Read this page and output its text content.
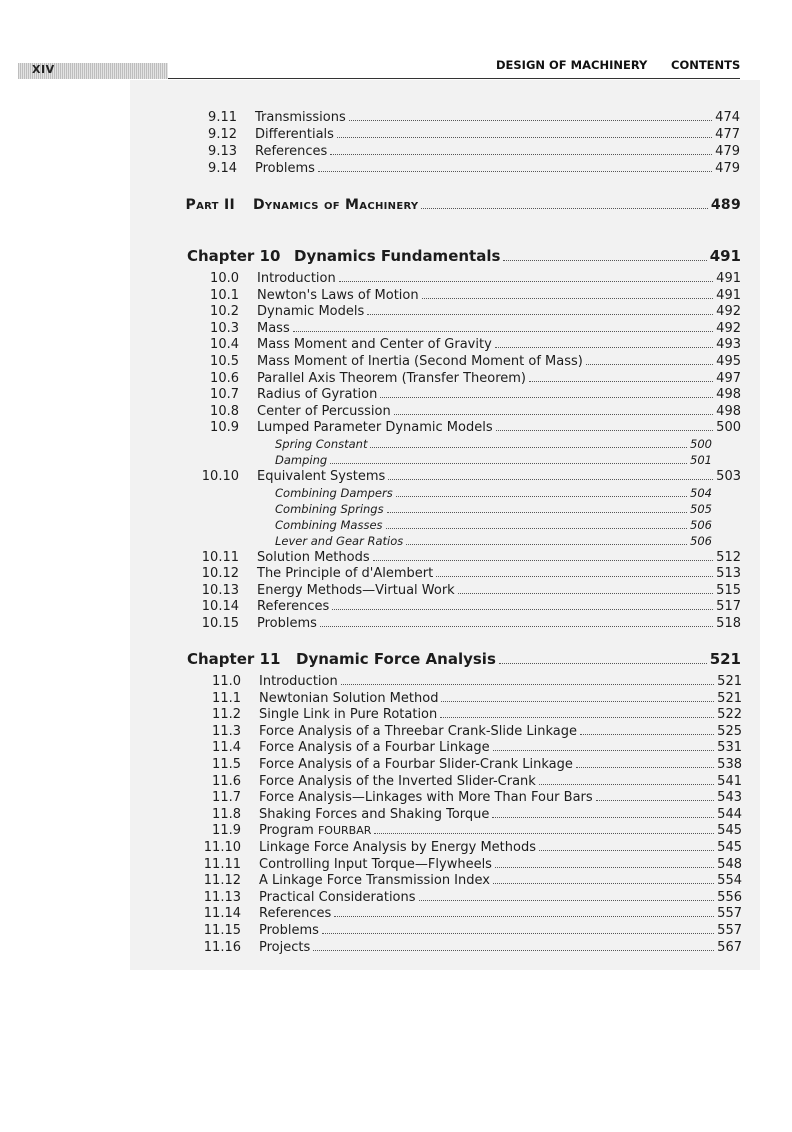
XIV	DESIGN OF MACHINERY CONTENTS
9.11 Transmissions	474
9.12 Differentials	477
9.13 References	479
9.14 Problems	479
Part II Dynamics of Machinery	489
Chapter 10 Dynamics Fundamentals	491
10.0 Introduction	491
10.1 Newton's Laws of Motion	491
10.2 Dynamic Models	492
10.3 Mass	492
10.4 Mass Moment and Center of Gravity	493
10.5 Mass Moment of Inertia (Second Moment of Mass)	495
10.6 Parallel Axis Theorem (Transfer Theorem)	497
10.7 Radius of Gyration	498
10.8 Center of Percussion	498
10.9 Lumped Parameter Dynamic Models	500
Spring Constant	500
Damping	501
10.10 Equivalent Systems	503
Combining Dampers	504
Combining Springs	505
Combining Masses	506
Lever and Gear Ratios	506
10.11 Solution Methods	512
10.12 The Principle of d'Alembert	513
10.13 Energy Methods—Virtual Work	515
10.14 References	517
10.15 Problems	518
Chapter 11	Dynamic Force Analysis	521
11.0 Introduction	521
11.1 Newtonian Solution Method	521
11.2 Single Link in Pure Rotation	522
11.3 Force Analysis of a Threebar Crank-Slide Linkage	525
11.4 Force Analysis of a Fourbar Linkage	531
11.5 Force Analysis of a Fourbar Slider-Crank Linkage	538
11.6 Force Analysis of the Inverted Slider-Crank	541
11.7 Force Analysis—Linkages with More Than Four Bars	543
11.8 Shaking Forces and Shaking Torque	544
11.9 Program FOURBAR	545
11.10 Linkage Force Analysis by Energy Methods	545
11.11 Controlling Input Torque—Flywheels	548
11.12 A Linkage Force Transmission Index	554
11.13 Practical Considerations	556
11.14 References	557
11.15 Problems	557
11.16 Projects	567
